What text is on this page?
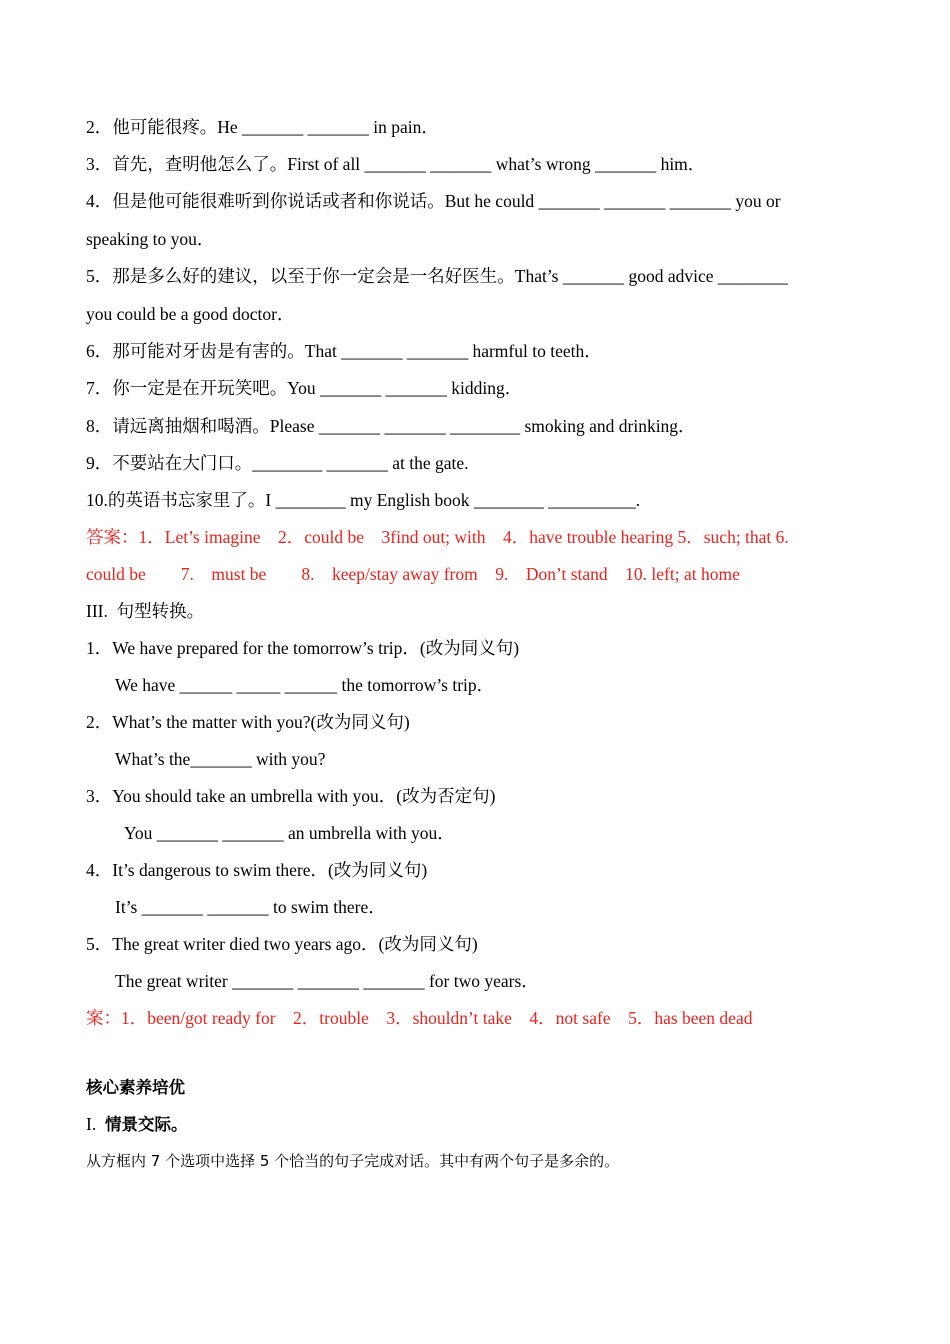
2．他可能很疼。He _______ _______ in pain．
3．首先，查明他怎么了。First of all _______ _______ what’s wrong _______ him．
4．但是他可能很难听到你说话或者和你说话。But he could _______ _______ _______ you or
speaking to you．
5．那是多么好的建议，以至于你一定会是一名好医生。That’s _______ good advice ________
you could be a good doctor．
6．那可能对牙齿是有害的。That _______ _______ harmful to teeth．
7．你一定是在开玩笑吧。You _______ _______ kidding．
8．请远离抽烟和喝酒。Please _______ _______ ________ smoking and drinking．
9．不要站在大门口。________ _______ at the gate.
10.的英语书忘家里了。I ________ my English book ________ __________.
答案：1．Let’s imagine    2．could be    3find out; with    4．have trouble hearing 5．such; that 6.
could be        7.    must be        8.    keep/stay away from    9.    Don’t stand    10. left; at home
III.  句型转换。
1．We have prepared for the tomorrow’s trip．(改为同义句)
We have ______ _____ ______ the tomorrow’s trip．
2．What’s the matter with you?(改为同义句)
What’s the_______ with you?
3．You should take an umbrella with you．(改为否定句)
You _______ _______ an umbrella with you．
4．It’s dangerous to swim there．(改为同义句)
It’s _______ _______ to swim there．
5．The great writer died two years ago．(改为同义句)
The great writer _______ _______ _______ for two years．
案：1．been/got ready for    2．trouble    3．shouldn’t take    4．not safe    5．has been dead
核心素养培优
I.  情景交际。
从方框内 7 个选项中选择 5 个恰当的句子完成对话。其中有两个句子是多余的。
